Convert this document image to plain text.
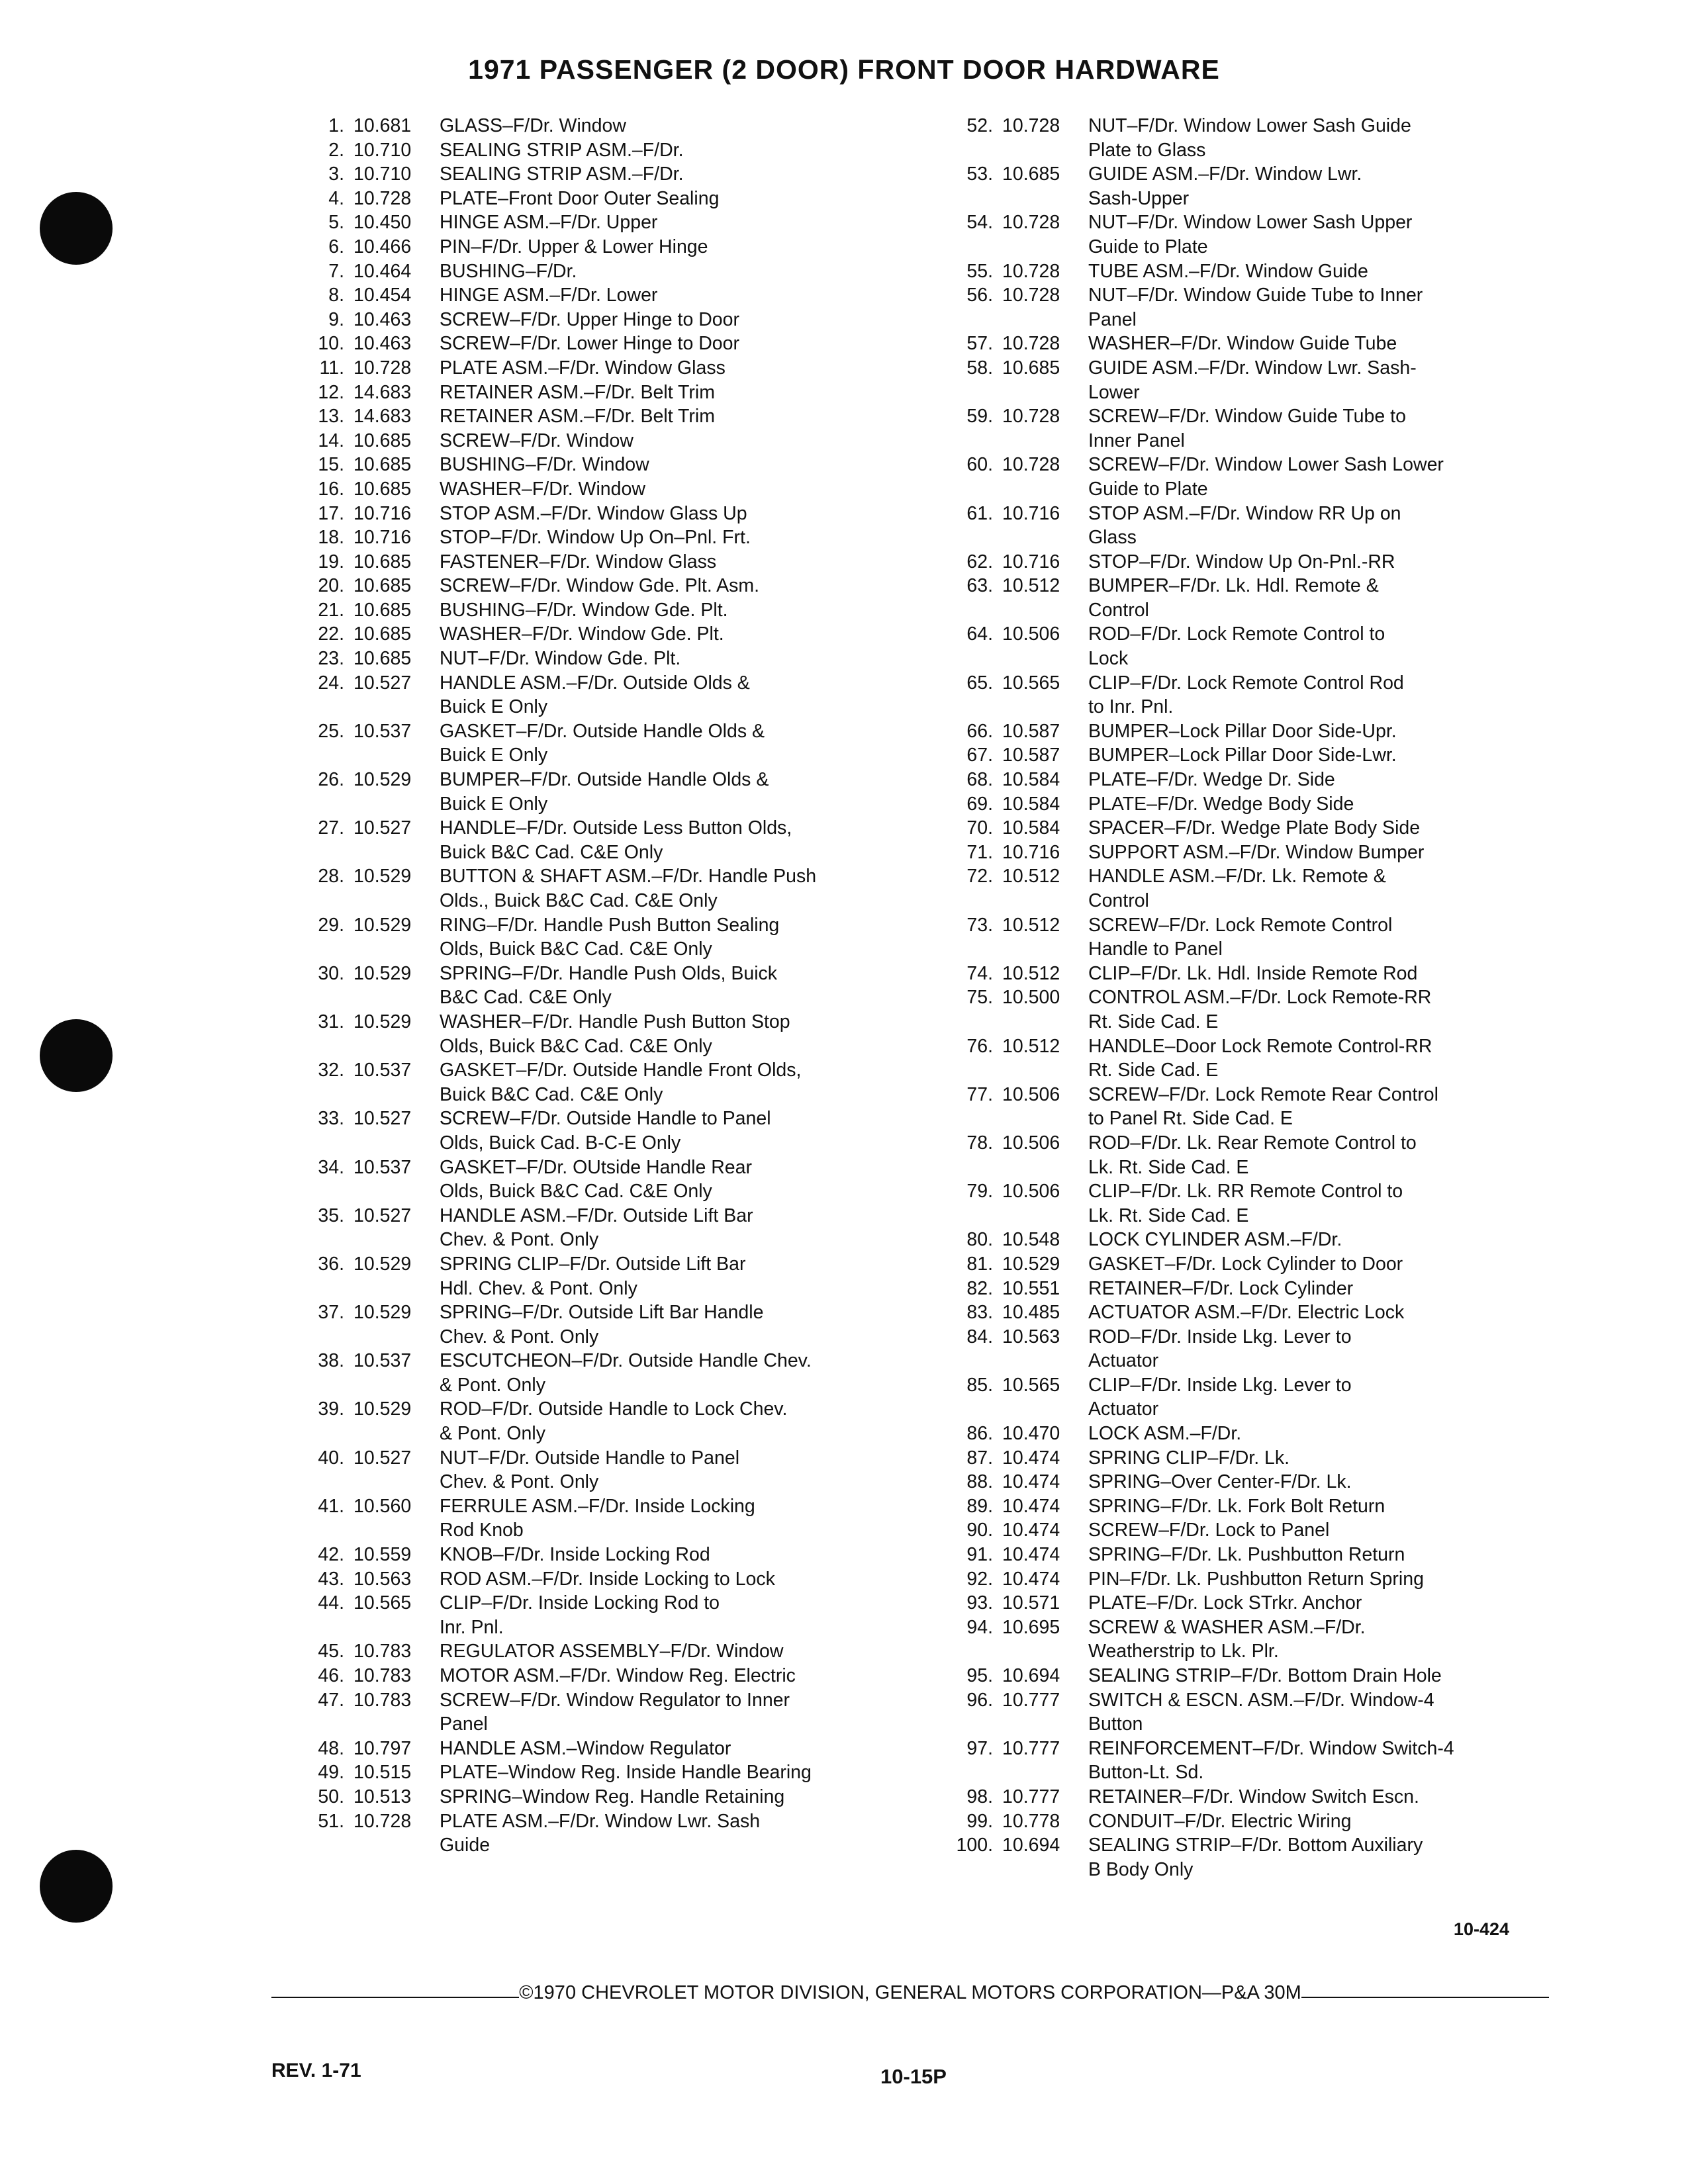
1971 PASSENGER (2 DOOR) FRONT DOOR HARDWARE
1. 10.681	GLASS–F/Dr. Window
2. 10.710	SEALING STRIP ASM.–F/Dr.
3. 10.710	SEALING STRIP ASM.–F/Dr.
4. 10.728	PLATE–Front Door Outer Sealing
5. 10.450	HINGE ASM.–F/Dr. Upper
6. 10.466	PIN–F/Dr. Upper & Lower Hinge
7. 10.464	BUSHING–F/Dr.
8. 10.454	HINGE ASM.–F/Dr. Lower
9. 10.463	SCREW–F/Dr. Upper Hinge to Door
10. 10.463	SCREW–F/Dr. Lower Hinge to Door
11. 10.728	PLATE ASM.–F/Dr. Window Glass
12. 14.683	RETAINER ASM.–F/Dr. Belt Trim
13. 14.683	RETAINER ASM.–F/Dr. Belt Trim
14. 10.685	SCREW–F/Dr. Window
15. 10.685	BUSHING–F/Dr. Window
16. 10.685	WASHER–F/Dr. Window
17. 10.716	STOP ASM.–F/Dr. Window Glass Up
18. 10.716	STOP–F/Dr. Window Up On–Pnl. Frt.
19. 10.685	FASTENER–F/Dr. Window Glass
20. 10.685	SCREW–F/Dr. Window Gde. Plt. Asm.
21. 10.685	BUSHING–F/Dr. Window Gde. Plt.
22. 10.685	WASHER–F/Dr. Window Gde. Plt.
23. 10.685	NUT–F/Dr. Window Gde. Plt.
24. 10.527	HANDLE ASM.–F/Dr. Outside Olds &
Buick E Only
25. 10.537	GASKET–F/Dr. Outside Handle Olds &
Buick E Only
26. 10.529	BUMPER–F/Dr. Outside Handle Olds &
Buick E Only
27. 10.527	HANDLE–F/Dr. Outside Less Button Olds,
Buick B&C Cad. C&E Only
28. 10.529	BUTTON & SHAFT ASM.–F/Dr. Handle Push
Olds., Buick B&C Cad. C&E Only
29. 10.529	RING–F/Dr. Handle Push Button Sealing
Olds, Buick B&C Cad. C&E Only
30. 10.529	SPRING–F/Dr. Handle Push Olds, Buick
B&C Cad. C&E Only
31. 10.529	WASHER–F/Dr. Handle Push Button Stop
Olds, Buick B&C Cad. C&E Only
32. 10.537	GASKET–F/Dr. Outside Handle Front Olds,
Buick B&C Cad. C&E Only
33. 10.527	SCREW–F/Dr. Outside Handle to Panel
Olds, Buick Cad. B-C-E Only
34. 10.537	GASKET–F/Dr. OUtside Handle Rear
Olds, Buick B&C Cad. C&E Only
35. 10.527	HANDLE ASM.–F/Dr. Outside Lift Bar
Chev. & Pont. Only
36. 10.529	SPRING CLIP–F/Dr. Outside Lift Bar
Hdl. Chev. & Pont. Only
37. 10.529	SPRING–F/Dr. Outside Lift Bar Handle
Chev. & Pont. Only
38. 10.537	ESCUTCHEON–F/Dr. Outside Handle Chev.
& Pont. Only
39. 10.529	ROD–F/Dr. Outside Handle to Lock Chev.
& Pont. Only
40. 10.527	NUT–F/Dr. Outside Handle to Panel
Chev. & Pont. Only
41. 10.560	FERRULE ASM.–F/Dr. Inside Locking
Rod Knob
42. 10.559	KNOB–F/Dr. Inside Locking Rod
43. 10.563	ROD ASM.–F/Dr. Inside Locking to Lock
44. 10.565	CLIP–F/Dr. Inside Locking Rod to
Inr. Pnl.
45. 10.783	REGULATOR ASSEMBLY–F/Dr. Window
46. 10.783	MOTOR ASM.–F/Dr. Window Reg. Electric
47. 10.783	SCREW–F/Dr. Window Regulator to Inner
Panel
48. 10.797	HANDLE ASM.–Window Regulator
49. 10.515	PLATE–Window Reg. Inside Handle Bearing
50. 10.513	SPRING–Window Reg. Handle Retaining
51. 10.728	PLATE ASM.–F/Dr. Window Lwr. Sash
Guide
52. 10.728	NUT–F/Dr. Window Lower Sash Guide
Plate to Glass
53. 10.685	GUIDE ASM.–F/Dr. Window Lwr.
Sash-Upper
54. 10.728	NUT–F/Dr. Window Lower Sash Upper
Guide to Plate
55. 10.728	TUBE ASM.–F/Dr. Window Guide
56. 10.728	NUT–F/Dr. Window Guide Tube to Inner
Panel
57. 10.728	WASHER–F/Dr. Window Guide Tube
58. 10.685	GUIDE ASM.–F/Dr. Window Lwr. Sash-
Lower
59. 10.728	SCREW–F/Dr. Window Guide Tube to
Inner Panel
60. 10.728	SCREW–F/Dr. Window Lower Sash Lower
Guide to Plate
61. 10.716	STOP ASM.–F/Dr. Window RR Up on
Glass
62. 10.716	STOP–F/Dr. Window Up On-Pnl.-RR
63. 10.512	BUMPER–F/Dr. Lk. Hdl. Remote &
Control
64. 10.506	ROD–F/Dr. Lock Remote Control to
Lock
65. 10.565	CLIP–F/Dr. Lock Remote Control Rod
to Inr. Pnl.
66. 10.587	BUMPER–Lock Pillar Door Side-Upr.
67. 10.587	BUMPER–Lock Pillar Door Side-Lwr.
68. 10.584	PLATE–F/Dr. Wedge Dr. Side
69. 10.584	PLATE–F/Dr. Wedge Body Side
70. 10.584	SPACER–F/Dr. Wedge Plate Body Side
71. 10.716	SUPPORT ASM.–F/Dr. Window Bumper
72. 10.512	HANDLE ASM.–F/Dr. Lk. Remote &
Control
73. 10.512	SCREW–F/Dr. Lock Remote Control
Handle to Panel
74. 10.512	CLIP–F/Dr. Lk. Hdl. Inside Remote Rod
75. 10.500	CONTROL ASM.–F/Dr. Lock Remote-RR
Rt. Side Cad. E
76. 10.512	HANDLE–Door Lock Remote Control-RR
Rt. Side Cad. E
77. 10.506	SCREW–F/Dr. Lock Remote Rear Control
to Panel Rt. Side Cad. E
78. 10.506	ROD–F/Dr. Lk. Rear Remote Control to
Lk. Rt. Side Cad. E
79. 10.506	CLIP–F/Dr. Lk. RR Remote Control to
Lk. Rt. Side Cad. E
80. 10.548	LOCK CYLINDER ASM.–F/Dr.
81. 10.529	GASKET–F/Dr. Lock Cylinder to Door
82. 10.551	RETAINER–F/Dr. Lock Cylinder
83. 10.485	ACTUATOR ASM.–F/Dr. Electric Lock
84. 10.563	ROD–F/Dr. Inside Lkg. Lever to
Actuator
85. 10.565	CLIP–F/Dr. Inside Lkg. Lever to
Actuator
86. 10.470	LOCK ASM.–F/Dr.
87. 10.474	SPRING CLIP–F/Dr. Lk.
88. 10.474	SPRING–Over Center-F/Dr. Lk.
89. 10.474	SPRING–F/Dr. Lk. Fork Bolt Return
90. 10.474	SCREW–F/Dr. Lock to Panel
91. 10.474	SPRING–F/Dr. Lk. Pushbutton Return
92. 10.474	PIN–F/Dr. Lk. Pushbutton Return Spring
93. 10.571	PLATE–F/Dr. Lock STrkr. Anchor
94. 10.695	SCREW & WASHER ASM.–F/Dr.
Weatherstrip to Lk. Plr.
95. 10.694	SEALING STRIP–F/Dr. Bottom Drain Hole
96. 10.777	SWITCH & ESCN. ASM.–F/Dr. Window-4
Button
97. 10.777	REINFORCEMENT–F/Dr. Window Switch-4
Button-Lt. Sd.
98. 10.777	RETAINER–F/Dr. Window Switch Escn.
99. 10.778	CONDUIT–F/Dr. Electric Wiring
100. 10.694	SEALING STRIP–F/Dr. Bottom Auxiliary
B Body Only
10-424
©1970 CHEVROLET MOTOR DIVISION, GENERAL MOTORS CORPORATION—P&A 30M
REV. 1-71	10-15P
